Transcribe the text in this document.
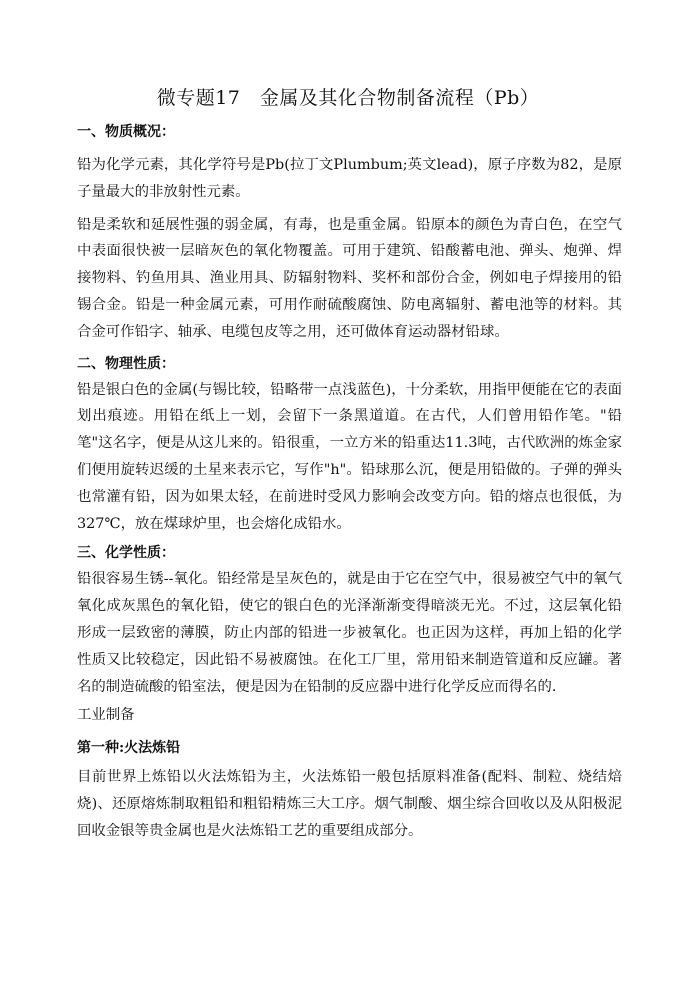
微专题17　金属及其化合物制备流程（Pb）
一、物质概况：

铅为化学元素，其化学符号是Pb(拉丁文Plumbum;英文lead)，原子序数为82，是原子量最大的非放射性元素。

铅是柔软和延展性强的弱金属，有毒，也是重金属。铅原本的颜色为青白色，在空气中表面很快被一层暗灰色的氧化物覆盖。可用于建筑、铅酸蓄电池、弹头、炮弹、焊接物料、钓鱼用具、渔业用具、防辐射物料、奖杯和部份合金，例如电子焊接用的铅锡合金。铅是一种金属元素，可用作耐硫酸腐蚀、防电离辐射、蓄电池等的材料。其合金可作铅字、轴承、电缆包皮等之用，还可做体育运动器材铅球。

二、物理性质：

铅是银白色的金属(与锡比较，铅略带一点浅蓝色)，十分柔软，用指甲便能在它的表面划出痕迹。用铅在纸上一划，会留下一条黑道道。在古代，人们曾用铅作笔。"铅笔"这名字，便是从这儿来的。铅很重，一立方米的铅重达11.3吨，古代欧洲的炼金家们便用旋转迟缓的土星来表示它，写作"h"。铅球那么沉，便是用铅做的。子弹的弹头也常灌有铅，因为如果太轻，在前进时受风力影响会改变方向。铅的熔点也很低，为327℃，放在煤球炉里，也会熔化成铅水。

三、化学性质：

铅很容易生锈--氧化。铅经常是呈灰色的，就是由于它在空气中，很易被空气中的氧气氧化成灰黑色的氧化铅，使它的银白色的光泽渐渐变得暗淡无光。不过，这层氧化铅形成一层致密的薄膜，防止内部的铅进一步被氧化。也正因为这样，再加上铅的化学性质又比较稳定，因此铅不易被腐蚀。在化工厂里，常用铅来制造管道和反应罐。著名的制造硫酸的铅室法，便是因为在铅制的反应器中进行化学反应而得名的.

工业制备
第一种:火法炼铅

目前世界上炼铅以火法炼铅为主，火法炼铅一般包括原料准备(配料、制粒、烧结焙烧)、还原熔炼制取粗铅和粗铅精炼三大工序。烟气制酸、烟尘综合回收以及从阳极泥回收金银等贵金属也是火法炼铅工艺的重要组成部分。
